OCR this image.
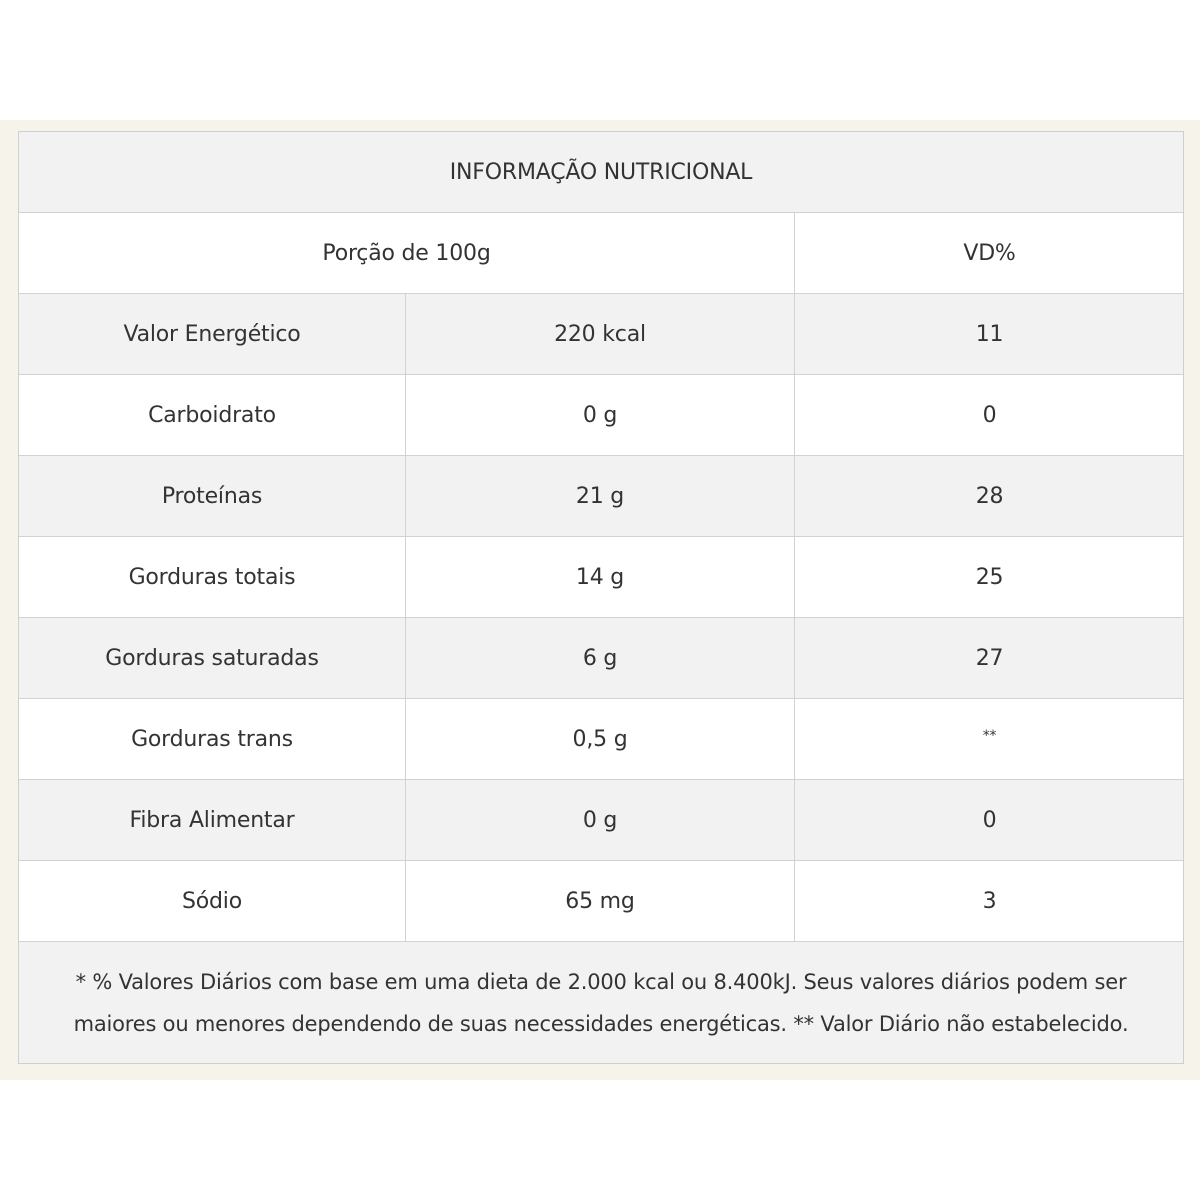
INFORMAÇÃO NUTRICIONAL
Porção de 100g	VD%
Valor Energético	220 kcal	11
Carboidrato	0 g	0
Proteínas	21 g	28
Gorduras totais	14 g	25
Gorduras saturadas	6 g	27
Gorduras trans	0,5 g	**
Fibra Alimentar	0 g	0
Sódio	65 mg	3
* % Valores Diários com base em uma dieta de 2.000 kcal ou 8.400kJ. Seus valores diários podem ser maiores ou menores dependendo de suas necessidades energéticas. ** Valor Diário não estabelecido.
